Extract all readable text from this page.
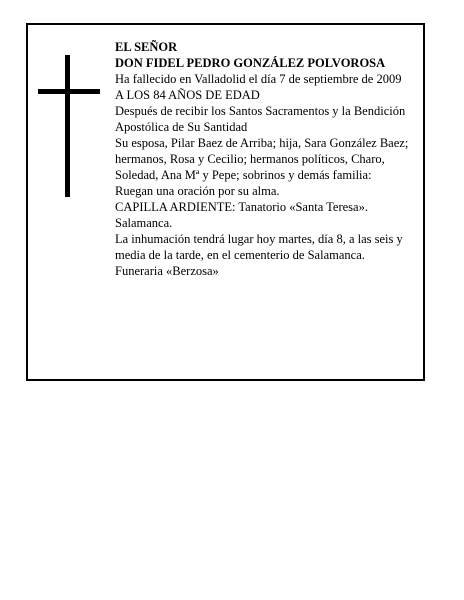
EL SEÑOR

DON FIDEL PEDRO GONZÁLEZ POLVOROSA

Ha fallecido en Valladolid el día 7 de septiembre de 2009

A LOS 84 AÑOS DE EDAD

Después de recibir los Santos Sacramentos y la Bendición Apostólica de Su Santidad

Su esposa, Pilar Baez de Arriba; hija, Sara González Baez; hermanos, Rosa y Cecilio; hermanos políticos, Charo, Soledad, Ana Mª y Pepe; sobrinos y demás familia:

Ruegan una oración por su alma.

CAPILLA ARDIENTE: Tanatorio «Santa Teresa». Salamanca.

La inhumación tendrá lugar hoy martes, día 8, a las seis y media de la tarde, en el cementerio de Salamanca.

Funeraria «Berzosa»
